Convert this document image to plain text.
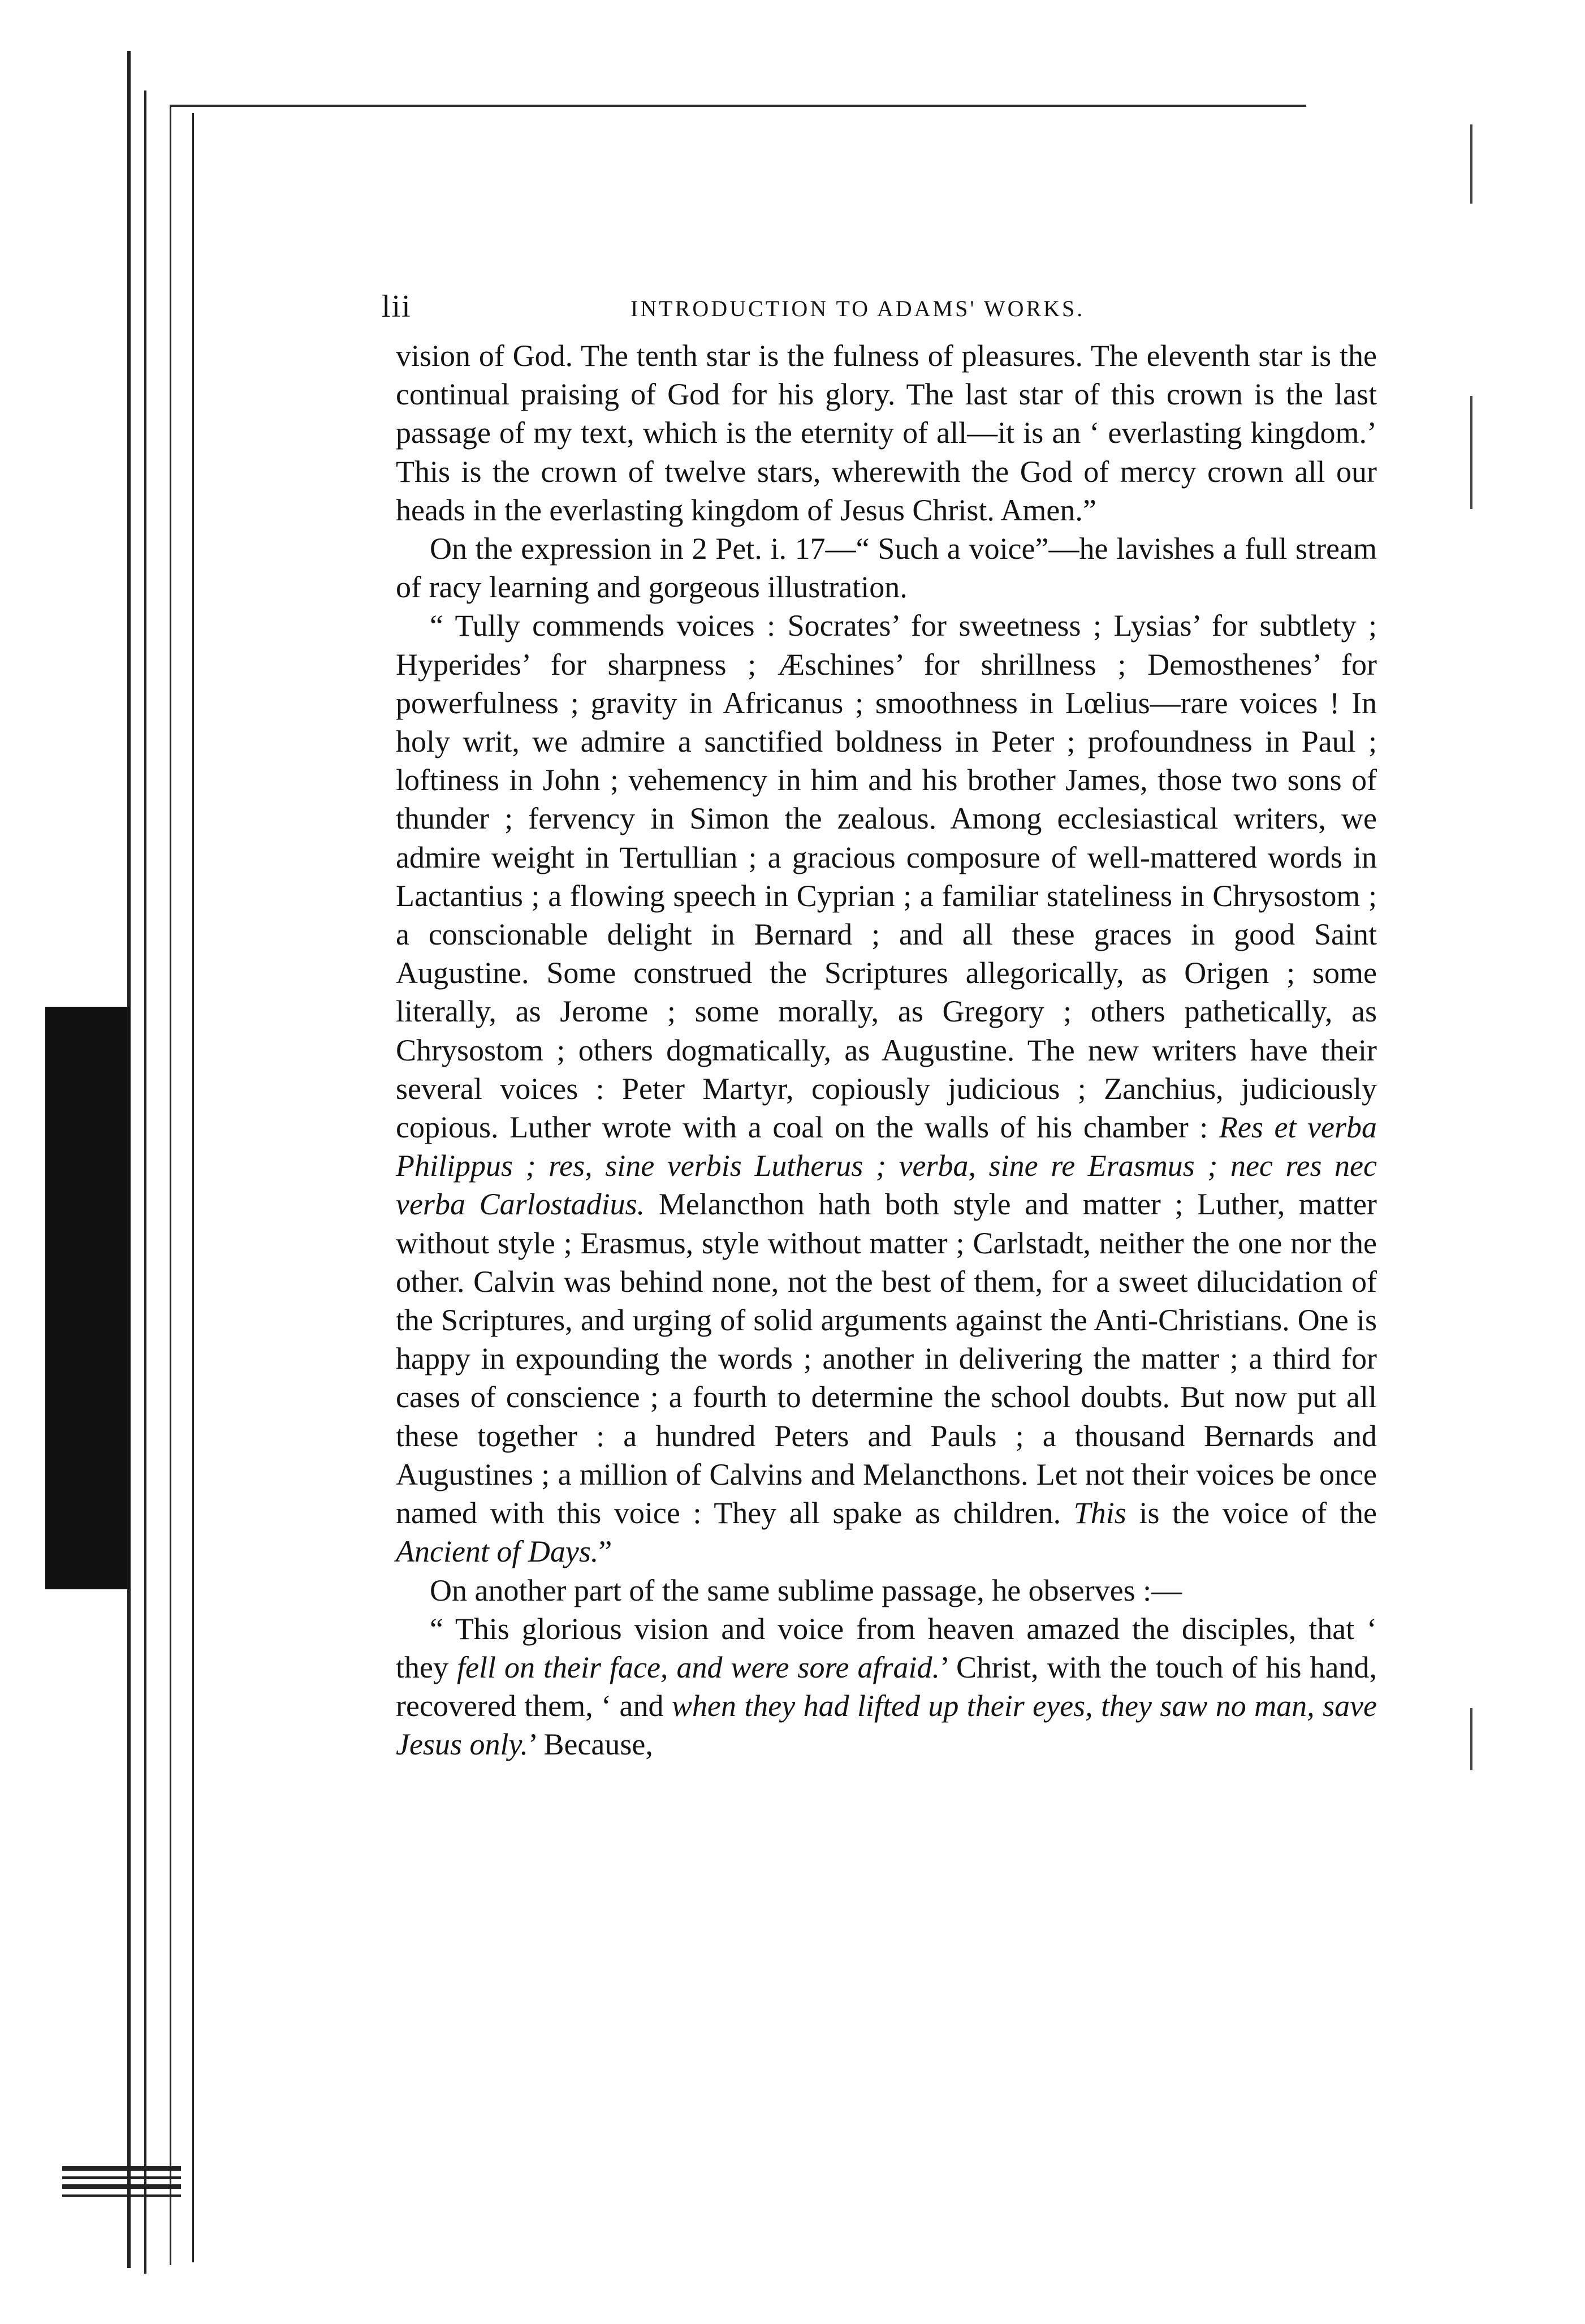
lii	INTRODUCTION TO ADAMS' WORKS.

vision of God. The tenth star is the fulness of pleasures. The eleventh star is the continual praising of God for his glory. The last star of this crown is the last passage of my text, which is the eternity of all—it is an ‘ everlasting kingdom.’ This is the crown of twelve stars, wherewith the God of mercy crown all our heads in the everlasting kingdom of Jesus Christ. Amen.”

On the expression in 2 Pet. i. 17—“ Such a voice”—he lavishes a full stream of racy learning and gorgeous illustration.

“ Tully commends voices : Socrates’ for sweetness ; Lysias’ for subtlety ; Hyperides’ for sharpness ; Æschines’ for shrillness ; Demosthenes’ for powerfulness ; gravity in Africanus ; smoothness in Lœlius—rare voices ! In holy writ, we admire a sanctified boldness in Peter ; profoundness in Paul ; loftiness in John ; vehemency in him and his brother James, those two sons of thunder ; fervency in Simon the zealous. Among ecclesiastical writers, we admire weight in Tertullian ; a gracious composure of well-mattered words in Lactantius ; a flowing speech in Cyprian ; a familiar stateliness in Chrysostom ; a conscionable delight in Bernard ; and all these graces in good Saint Augustine. Some construed the Scriptures allegorically, as Origen ; some literally, as Jerome ; some morally, as Gregory ; others pathetically, as Chrysostom ; others dogmatically, as Augustine. The new writers have their several voices : Peter Martyr, copiously judicious ; Zanchius, judiciously copious. Luther wrote with a coal on the walls of his chamber : Res et verba Philippus ; res, sine verbis Lutherus ; verba, sine re Erasmus ; nec res nec verba Carlostadius. Melancthon hath both style and matter ; Luther, matter without style ; Erasmus, style without matter ; Carlstadt, neither the one nor the other. Calvin was behind none, not the best of them, for a sweet dilucidation of the Scriptures, and urging of solid arguments against the Anti-Christians. One is happy in expounding the words ; another in delivering the matter ; a third for cases of conscience ; a fourth to determine the school doubts. But now put all these together : a hundred Peters and Pauls ; a thousand Bernards and Augustines ; a million of Calvins and Melancthons. Let not their voices be once named with this voice : They all spake as children. This is the voice of the Ancient of Days.”

On another part of the same sublime passage, he observes :—

“ This glorious vision and voice from heaven amazed the disciples, that ‘ they fell on their face, and were sore afraid.’ Christ, with the touch of his hand, recovered them, ‘ and when they had lifted up their eyes, they saw no man, save Jesus only.’ Because,
